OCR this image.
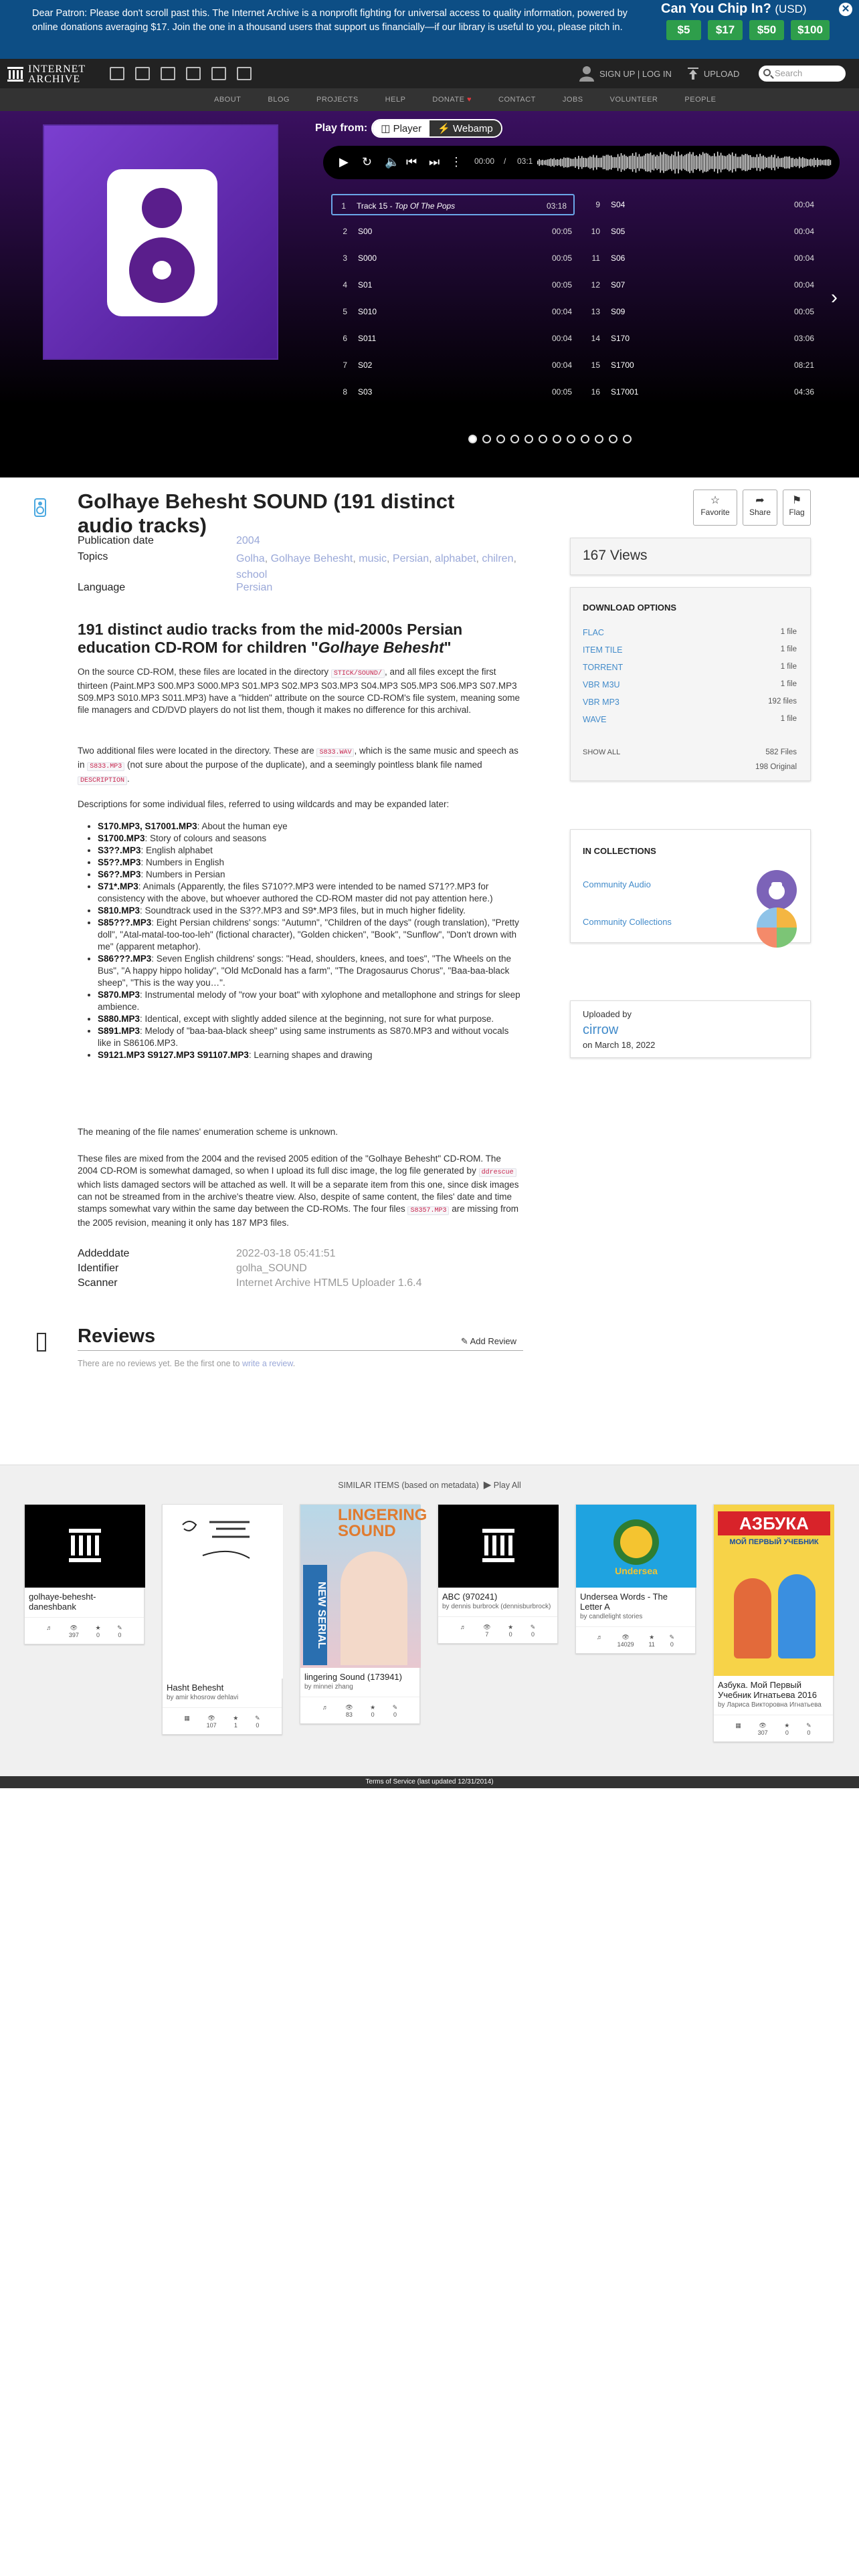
Dear Patron: Please don't scroll past this. The Internet Archive is a nonprofit fighting for universal access to quality information, powered by online donations averaging $17. Join the one in a thousand users that support us financially—if our library is useful to you, please pitch in.
Can You Chip In? (USD)
$5	$17	$50	$100
✕
INTERNET
ARCHIVE	SIGN UP | LOG IN	UPLOAD	Search
ABOUT	BLOG	PROJECTS	HELP	DONATE ♥	CONTACT	JOBS	VOLUNTEER	PEOPLE
Play from:	◫ Player	⚡ Webamp
▶ ↻ 🔈 ⏮ ⏭ ⋮ 00:00 / 03:1
1 Track 15 - Top Of The Pops	03:18
2 S00	00:05
3 S000	00:05
4 S01	00:05
5 S010	00:04
6 S011	00:04
7 S02	00:04
8 S03	00:05
9 S04	00:04
10 S05	00:04
11 S06	00:04
12 S07	00:04
13 S09	00:05
14 S170	03:06
15 S1700	08:21
16 S17001	04:36
›
Golhaye Behesht SOUND (191 distinct audio tracks)
☆
Favorite
➦
Share
⚑
Flag
Publication date	2004
Topics	Golha, Golhaye Behesht, music, Persian, alphabet, chilren, school
Language	Persian
191 distinct audio tracks from the mid-2000s Persian education CD-ROM for children "Golhaye Behesht"
On the source CD-ROM, these files are located in the directory STICK/SOUND/ , and all files except the first thirteen (Paint.MP3 S00.MP3 S000.MP3 S01.MP3 S02.MP3 S03.MP3 S04.MP3 S05.MP3 S06.MP3 S07.MP3 S09.MP3 S010.MP3 S011.MP3) have a "hidden" attribute on the source CD-ROM's file system, meaning some file managers and CD/DVD players do not list them, though it makes no difference for this archival.
Two additional files were located in the directory. These are S833.WAV , which is the same music and speech as in S833.MP3 (not sure about the purpose of the duplicate), and a seemingly pointless blank file named DESCRIPTION .
Descriptions for some individual files, referred to using wildcards and may be expanded later:
• S170.MP3, S17001.MP3: About the human eye
• S1700.MP3: Story of colours and seasons
• S3??.MP3: English alphabet
• S5??.MP3: Numbers in English
• S6??.MP3: Numbers in Persian
• S71*.MP3: Animals (Apparently, the files S710??.MP3 were intended to be named S71??.MP3 for consistency with the above, but whoever authored the CD-ROM master did not pay attention here.)
• S810.MP3: Soundtrack used in the S3??.MP3 and S9*.MP3 files, but in much higher fidelity.
• S85???.MP3: Eight Persian childrens' songs: "Autumn", "Children of the days" (rough translation), "Pretty doll", "Atal-matal-too-too-leh" (fictional character), "Golden chicken", "Book", "Sunflow", "Don't drown with me" (apparent metaphor).
• S86???.MP3: Seven English childrens' songs: "Head, shoulders, knees, and toes", "The Wheels on the Bus", "A happy hippo holiday", "Old McDonald has a farm", "The Dragosaurus Chorus", "Baa-baa-black sheep", "This is the way you…".
• S870.MP3: Instrumental melody of "row your boat" with xylophone and metallophone and strings for sleep ambience.
• S880.MP3: Identical, except with slightly added silence at the beginning, not sure for what purpose.
• S891.MP3: Melody of "baa-baa-black sheep" using same instruments as S870.MP3 and without vocals like in S86106.MP3.
• S9121.MP3 S9127.MP3 S91107.MP3: Learning shapes and drawing
The meaning of the file names' enumeration scheme is unknown.
These files are mixed from the 2004 and the revised 2005 edition of the "Golhaye Behesht" CD-ROM. The 2004 CD-ROM is somewhat damaged, so when I upload its full disc image, the log file generated by ddrescue which lists damaged sectors will be attached as well. It will be a separate item from this one, since disk images can not be streamed from in the archive's theatre view. Also, despite of same content, the files' date and time stamps somewhat vary within the same day between the CD-ROMs. The four files S8357.MP3 are missing from the 2005 revision, meaning it only has 187 MP3 files.
Addeddate	2022-03-18 05:41:51
Identifier	golha_SOUND
Scanner	Internet Archive HTML5 Uploader 1.6.4
Reviews	✎ Add Review
There are no reviews yet. Be the first one to write a review.
167 Views
DOWNLOAD OPTIONS
FLAC	1 file
ITEM TILE	1 file
TORRENT	1 file
VBR M3U	1 file
VBR MP3	192 files
WAVE	1 file
SHOW ALL	582 Files
198 Original
IN COLLECTIONS
Community Audio
Community Collections
Uploaded by
cirrow
on March 18, 2022
SIMILAR ITEMS (based on metadata) ▶ Play All
golhaye-behesht-daneshbank
♬	👁
397
★
0
✎
0
Hasht Behesht
by amir khosrow dehlavi
▦	👁
107
★
1
✎
0
LINGERING SOUND
NEW SERIAL
lingering Sound (173941)
by minnei zhang
♬	👁
83
★
0
✎
0
ABC (970241)
by dennis burbrock (dennisburbrock)
♬	👁
7
★
0
✎
0
Undersea
Undersea Words - The Letter A
by candlelight stories
♬	👁
14029
★
11
✎
0
АЗБУКА
МОЙ ПЕРВЫЙ УЧЕБНИК
Азбука. Мой Первый Учебник Игнатьева 2016
by Лариса Викторовна Игнатьева
▦	👁
307
★
0
✎
0
Terms of Service (last updated 12/31/2014)
